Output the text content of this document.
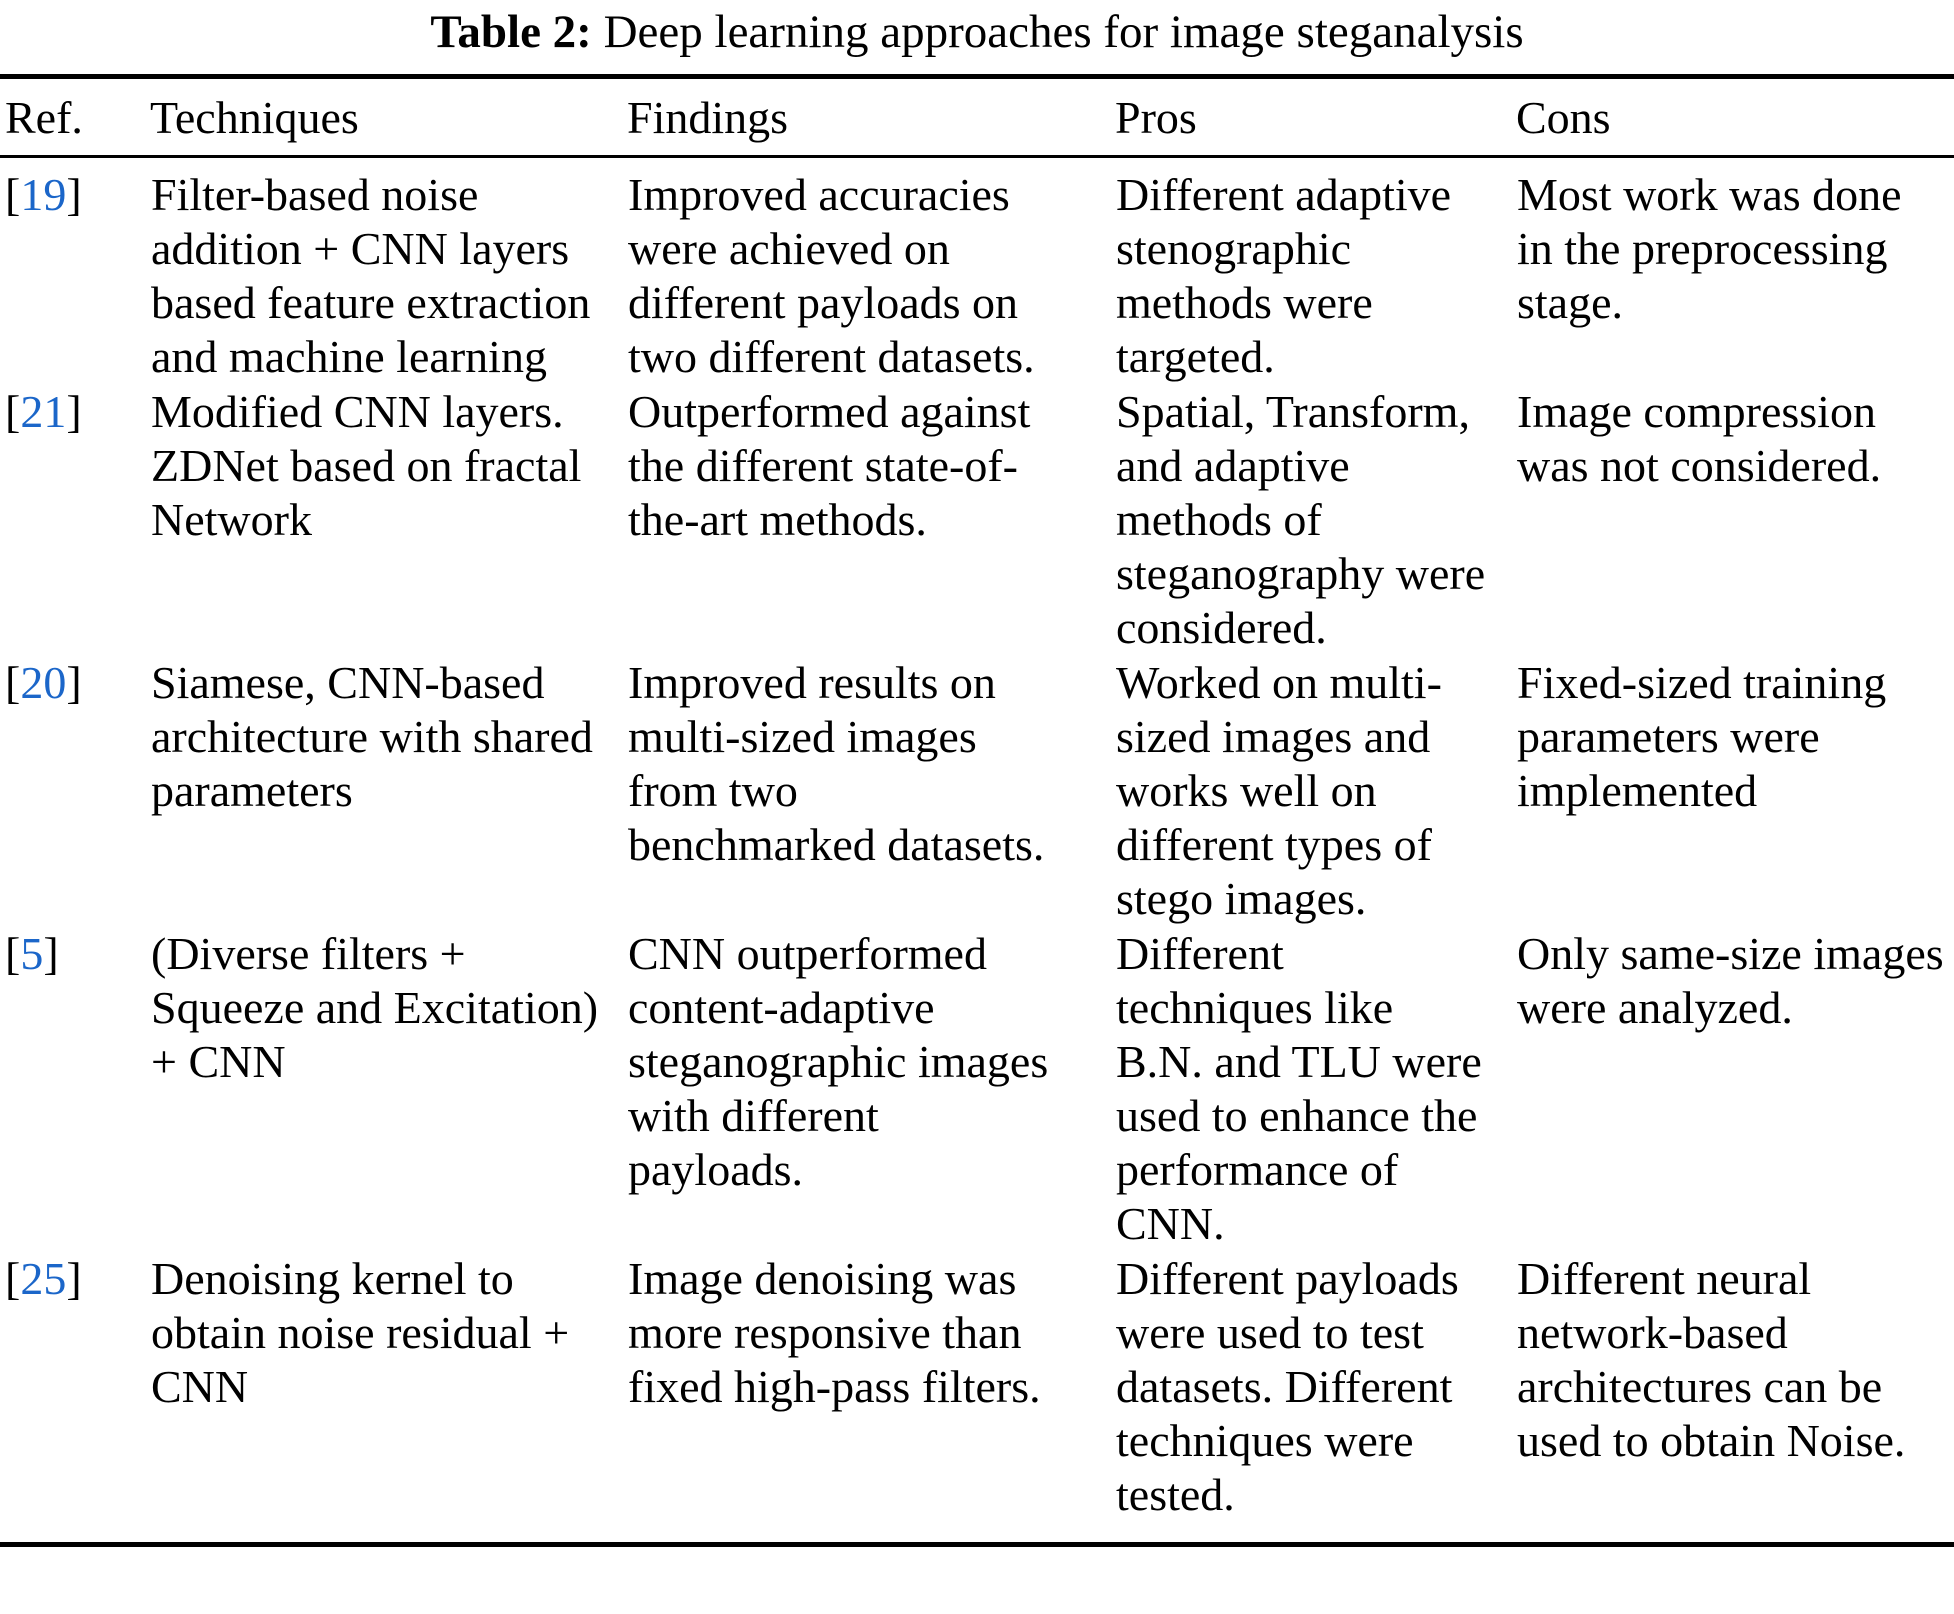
Table 2: Deep learning approaches for image steganalysis
Ref.	Techniques	Findings	Pros	Cons
[19]	Filter-based noise addition + CNN layers based feature extraction and machine learning	Improved accuracies were achieved on different payloads on two different datasets.	Different adaptive stenographic methods were targeted.	Most work was done in the preprocessing stage.
[21]	Modified CNN layers. ZDNet based on fractal Network	Outperformed against the different state-of-the-art methods.	Spatial, Transform, and adaptive methods of steganography were considered.	Image compression was not considered.
[20]	Siamese, CNN-based architecture with shared parameters	Improved results on multi-sized images from two benchmarked datasets.	Worked on multi-sized images and works well on different types of stego images.	Fixed-sized training parameters were implemented
[5]	(Diverse filters + Squeeze and Excitation) + CNN	CNN outperformed content-adaptive steganographic images with different payloads.	Different techniques like B.N. and TLU were used to enhance the performance of CNN.	Only same-size images were analyzed.
[25]	Denoising kernel to obtain noise residual + CNN	Image denoising was more responsive than fixed high-pass filters.	Different payloads were used to test datasets. Different techniques were tested.	Different neural network-based architectures can be used to obtain Noise.
